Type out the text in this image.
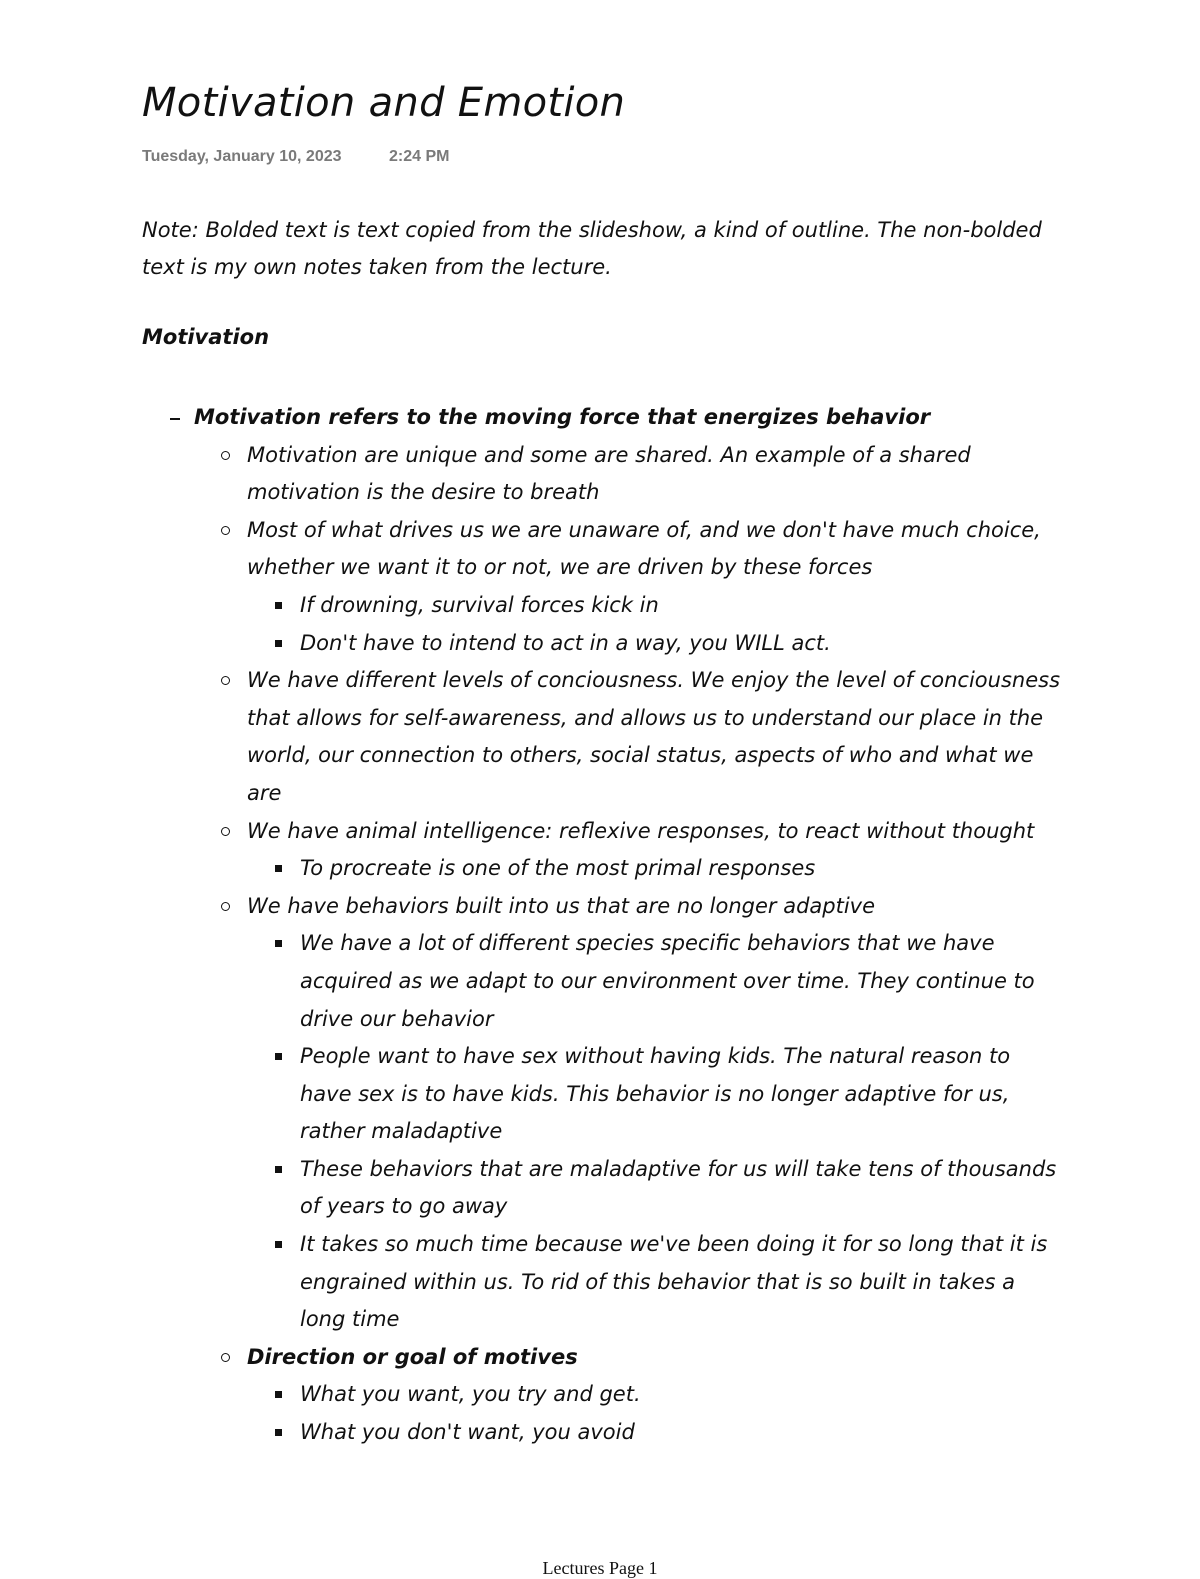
Motivation and Emotion
Tuesday, January 10, 2023	2:24 PM

Note: Bolded text is text copied from the slideshow, a kind of outline. The non-bolded text is my own notes taken from the lecture.

Motivation
Motivation refers to the moving force that energizes behavior
Motivation are unique and some are shared. An example of a shared motivation is the desire to breath
Most of what drives us we are unaware of, and we don't have much choice, whether we want it to or not, we are driven by these forces
If drowning, survival forces kick in
Don't have to intend to act in a way, you WILL act.
We have different levels of conciousness. We enjoy the level of conciousness that allows for self-awareness, and allows us to understand our place in the world, our connection to others, social status, aspects of who and what we are
We have animal intelligence: reflexive responses, to react without thought
To procreate is one of the most primal responses
We have behaviors built into us that are no longer adaptive
We have a lot of different species specific behaviors that we have acquired as we adapt to our environment over time. They continue to drive our behavior
People want to have sex without having kids. The natural reason to have sex is to have kids. This behavior is no longer adaptive for us, rather maladaptive
These behaviors that are maladaptive for us will take tens of thousands of years to go away
It takes so much time because we've been doing it for so long that it is engrained within us. To rid of this behavior that is so built in takes a long time
Direction or goal of motives
What you want, you try and get.
What you don't want, you avoid
Lectures Page 1
